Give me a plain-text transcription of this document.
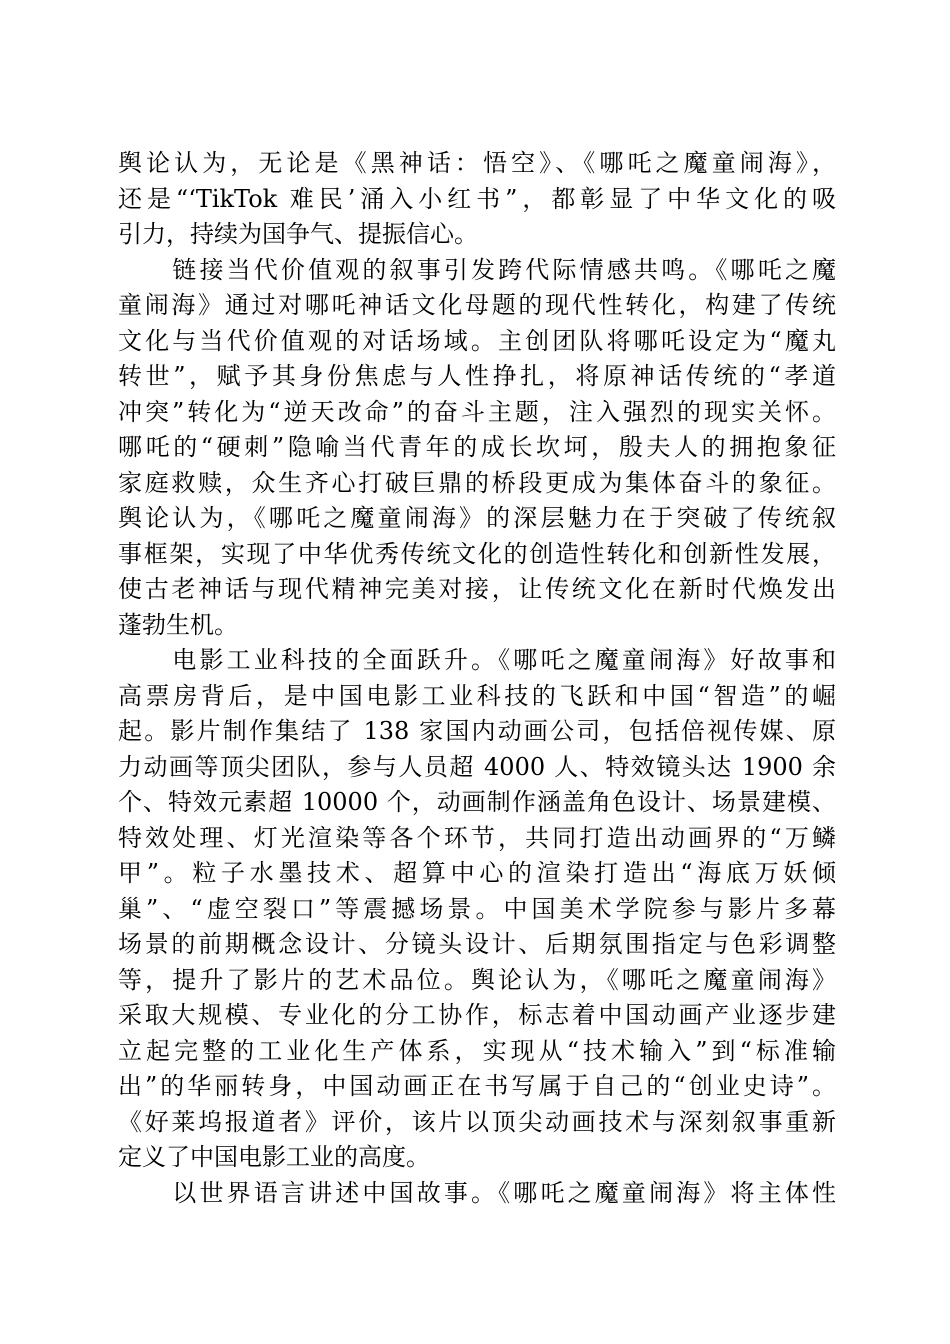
舆论认为，无论是《黑神话：悟空》、《哪吒之魔童闹海》，
还是“‘TikTok 难民’涌入小红书”，都彰显了中华文化的吸
引力，持续为国争气、提振信心。
　　链接当代价值观的叙事引发跨代际情感共鸣。《哪吒之魔
童闹海》通过对哪吒神话文化母题的现代性转化，构建了传统
文化与当代价值观的对话场域。主创团队将哪吒设定为“魔丸
转世”，赋予其身份焦虑与人性挣扎，将原神话传统的“孝道
冲突”转化为“逆天改命”的奋斗主题，注入强烈的现实关怀。
哪吒的“硬刺”隐喻当代青年的成长坎坷，殷夫人的拥抱象征
家庭救赎，众生齐心打破巨鼎的桥段更成为集体奋斗的象征。
舆论认为，《哪吒之魔童闹海》的深层魅力在于突破了传统叙
事框架，实现了中华优秀传统文化的创造性转化和创新性发展，
使古老神话与现代精神完美对接，让传统文化在新时代焕发出
蓬勃生机。
　　电影工业科技的全面跃升。《哪吒之魔童闹海》好故事和
高票房背后，是中国电影工业科技的飞跃和中国“智造”的崛
起。影片制作集结了 138 家国内动画公司，包括倍视传媒、原
力动画等顶尖团队，参与人员超 4000 人、特效镜头达 1900 余
个、特效元素超 10000 个，动画制作涵盖角色设计、场景建模、
特效处理、灯光渲染等各个环节，共同打造出动画界的“万鳞
甲”。粒子水墨技术、超算中心的渲染打造出“海底万妖倾
巢”、“虚空裂口”等震撼场景。中国美术学院参与影片多幕
场景的前期概念设计、分镜头设计、后期氛围指定与色彩调整
等，提升了影片的艺术品位。舆论认为，《哪吒之魔童闹海》
采取大规模、专业化的分工协作，标志着中国动画产业逐步建
立起完整的工业化生产体系，实现从“技术输入”到“标准输
出”的华丽转身，中国动画正在书写属于自己的“创业史诗”。
《好莱坞报道者》评价，该片以顶尖动画技术与深刻叙事重新
定义了中国电影工业的高度。
　　以世界语言讲述中国故事。《哪吒之魔童闹海》将主体性
